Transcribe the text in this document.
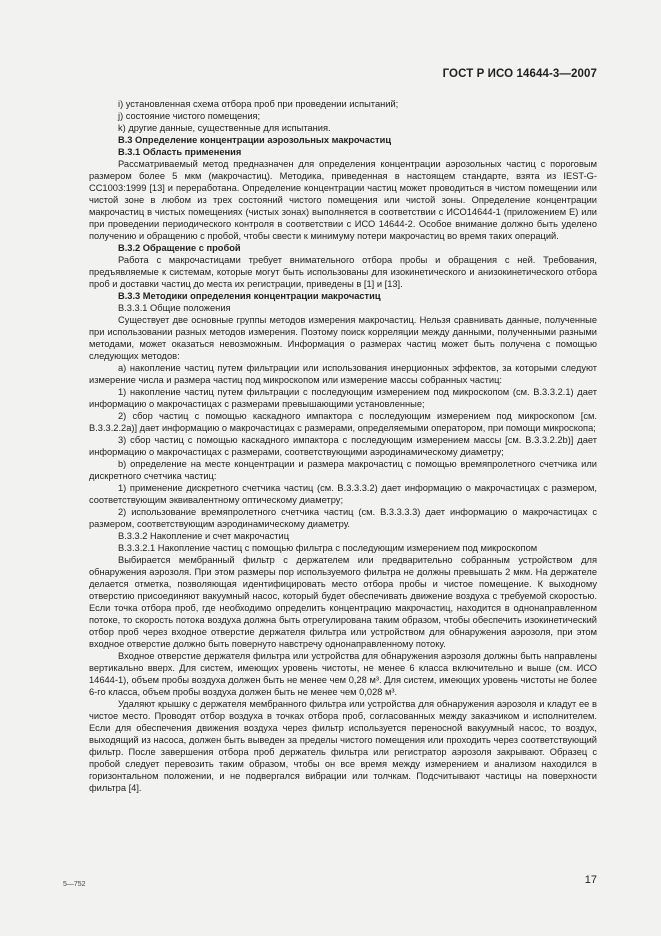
ГОСТ Р ИСО 14644-3—2007

i) установленная схема отбора проб при проведении испытаний;

j) состояние чистого помещения;

k) другие данные, существенные для испытания.

В.3 Определение концентрации аэрозольных макрочастиц

В.3.1 Область применения

Рассматриваемый метод предназначен для определения концентрации аэрозольных частиц с пороговым размером более 5 мкм (макрочастиц). Методика, приведенная в настоящем стандарте, взята из IEST-G-CC1003:1999 [13] и переработана. Определение концентрации частиц может проводиться в чистом помещении или чистой зоне в любом из трех состояний чистого помещения или чистой зоны. Определение концентрации макрочастиц в чистых помещениях (чистых зонах) выполняется в соответствии с ИСО14644-1 (приложением Е) или при проведении периодического контроля в соответствии с ИСО 14644-2. Особое внимание должно быть уделено получению и обращению с пробой, чтобы свести к минимуму потери макрочастиц во время таких операций.

В.3.2 Обращение с пробой

Работа с макрочастицами требует внимательного отбора пробы и обращения с ней. Требования, предъявляемые к системам, которые могут быть использованы для изокинетического и анизокинетического отбора проб и доставки частиц до места их регистрации, приведены в [1] и [13].

В.3.3 Методики определения концентрации макрочастиц

В.3.3.1 Общие положения

Существует две основные группы методов измерения макрочастиц. Нельзя сравнивать данные, полученные при использовании разных методов измерения. Поэтому поиск корреляции между данными, полученными разными методами, может оказаться невозможным. Информация о размерах частиц может быть получена с помощью следующих методов:

а) накопление частиц путем фильтрации или использования инерционных эффектов, за которыми следуют измерение числа и размера частиц под микроскопом или измерение массы собранных частиц:

1) накопление частиц путем фильтрации с последующим измерением под микроскопом (см. В.3.3.2.1) дает информацию о макрочастицах с размерами превышающими установленные;

2) сбор частиц с помощью каскадного импактора с последующим измерением под микроскопом [см. В.3.3.2.2а)] дает информацию о макрочастицах с размерами, определяемыми оператором, при помощи микроскопа;

3) сбор частиц с помощью каскадного импактора с последующим измерением массы [см. В.3.3.2.2b)] дает информацию о макрочастицах с размерами, соответствующими аэродинамическому диаметру;

b) определение на месте концентрации и размера макрочастиц с помощью времяпролетного счетчика или дискретного счетчика частиц:

1) применение дискретного счетчика частиц (см. В.3.3.3.2) дает информацию о макрочастицах с размером, соответствующим эквивалентному оптическому диаметру;

2) использование времяпролетного счетчика частиц (см. В.3.3.3.3) дает информацию о макрочастицах с размером, соответствующим аэродинамическому диаметру.

В.3.3.2 Накопление и счет макрочастиц

В.3.3.2.1 Накопление частиц с помощью фильтра с последующим измерением под микроскопом

Выбирается мембранный фильтр с держателем или предварительно собранным устройством для обнаружения аэрозоля. При этом размеры пор используемого фильтра не должны превышать 2 мкм. На держателе делается отметка, позволяющая идентифицировать место отбора пробы и чистое помещение. К выходному отверстию присоединяют вакуумный насос, который будет обеспечивать движение воздуха с требуемой скоростью. Если точка отбора проб, где необходимо определить концентрацию макрочастиц, находится в однонаправленном потоке, то скорость потока воздуха должна быть отрегулирована таким образом, чтобы обеспечить изокинетический отбор проб через входное отверстие держателя фильтра или устройством для обнаружения аэрозоля, при этом входное отверстие должно быть повернуто навстречу однонаправленному потоку.

Входное отверстие держателя фильтра или устройства для обнаружения аэрозоля должны быть направлены вертикально вверх. Для систем, имеющих уровень чистоты, не менее 6 класса включительно и выше (см. ИСО 14644-1), объем пробы воздуха должен быть не менее чем 0,28 м³. Для систем, имеющих уровень чистоты не более 6-го класса, объем пробы воздуха должен быть не менее чем 0,028 м³.

Удаляют крышку с держателя мембранного фильтра или устройства для обнаружения аэрозоля и кладут ее в чистое место. Проводят отбор воздуха в точках отбора проб, согласованных между заказчиком и исполнителем. Если для обеспечения движения воздуха через фильтр используется переносной вакуумный насос, то воздух, выходящий из насоса, должен быть выведен за пределы чистого помещения или проходить через соответствующий фильтр. После завершения отбора проб держатель фильтра или регистратор аэрозоля закрывают. Образец с пробой следует перевозить таким образом, чтобы он все время между измерением и анализом находился в горизонтальном положении, и не подвергался вибрации или толчкам. Подсчитывают частицы на поверхности фильтра [4].

5—752	17
